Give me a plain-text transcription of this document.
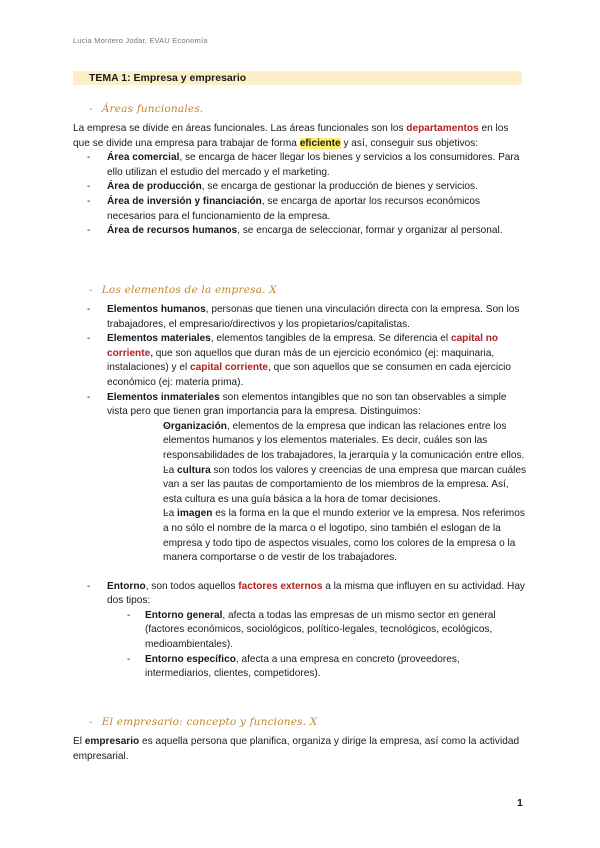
Lucia Montero Jodar, EVAU Economía
TEMA 1: Empresa y empresario
- Áreas funcionales.

La empresa se divide en áreas funcionales. Las áreas funcionales son los departamentos en los que se divide una empresa para trabajar de forma eficiente y así, conseguir sus objetivos:

- Área comercial, se encarga de hacer llegar los bienes y servicios a los consumidores. Para ello utilizan el estudio del mercado y el marketing.
- Área de producción, se encarga de gestionar la producción de bienes y servicios.
- Área de inversión y financiación, se encarga de aportar los recursos económicos necesarios para el funcionamiento de la empresa.
- Área de recursos humanos, se encarga de seleccionar, formar y organizar al personal.
- Los elementos de la empresa. X
- Elementos humanos, personas que tienen una vinculación directa con la empresa. Son los trabajadores, el empresario/directivos y los propietarios/capitalistas.
- Elementos materiales, elementos tangibles de la empresa. Se diferencia el capital no corriente, que son aquellos que duran más de un ejercicio económico (ej: maquinaria, instalaciones) y el capital corriente, que son aquellos que se consumen en cada ejercicio económico (ej: materia prima).

- Elementos inmateriales son elementos intangibles que no son tan observables a simple vista pero que tienen gran importancia para la empresa. Distinguimos:

- Organización, elementos de la empresa que indican las relaciones entre los elementos humanos y los elementos materiales. Es decir, cuáles son las responsabilidades de los trabajadores, la jerarquía y la comunicación entre ellos.
- La cultura son todos los valores y creencias de una empresa que marcan cuáles van a ser las pautas de comportamiento de los miembros de la empresa. Así, esta cultura es una guía básica a la hora de tomar decisiones.
- La imagen es la forma en la que el mundo exterior ve la empresa. Nos referimos a no sólo el nombre de la marca o el logotipo, sino también el eslogan de la empresa y todo tipo de aspectos visuales, como los colores de la empresa o la manera comportarse o de vestir de los trabajadores.
- Entorno, son todos aquellos factores externos a la misma que influyen en su actividad. Hay dos tipos:
- Entorno general, afecta a todas las empresas de un mismo sector en general (factores económicos, sociológicos, político-legales, tecnológicos, ecológicos, medioambientales).
- Entorno específico, afecta a una empresa en concreto (proveedores, intermediarios, clientes, competidores).
- El empresario: concepto y funciones. X

El empresario es aquella persona que planifica, organiza y dirige la empresa, así como la actividad empresarial.

1
